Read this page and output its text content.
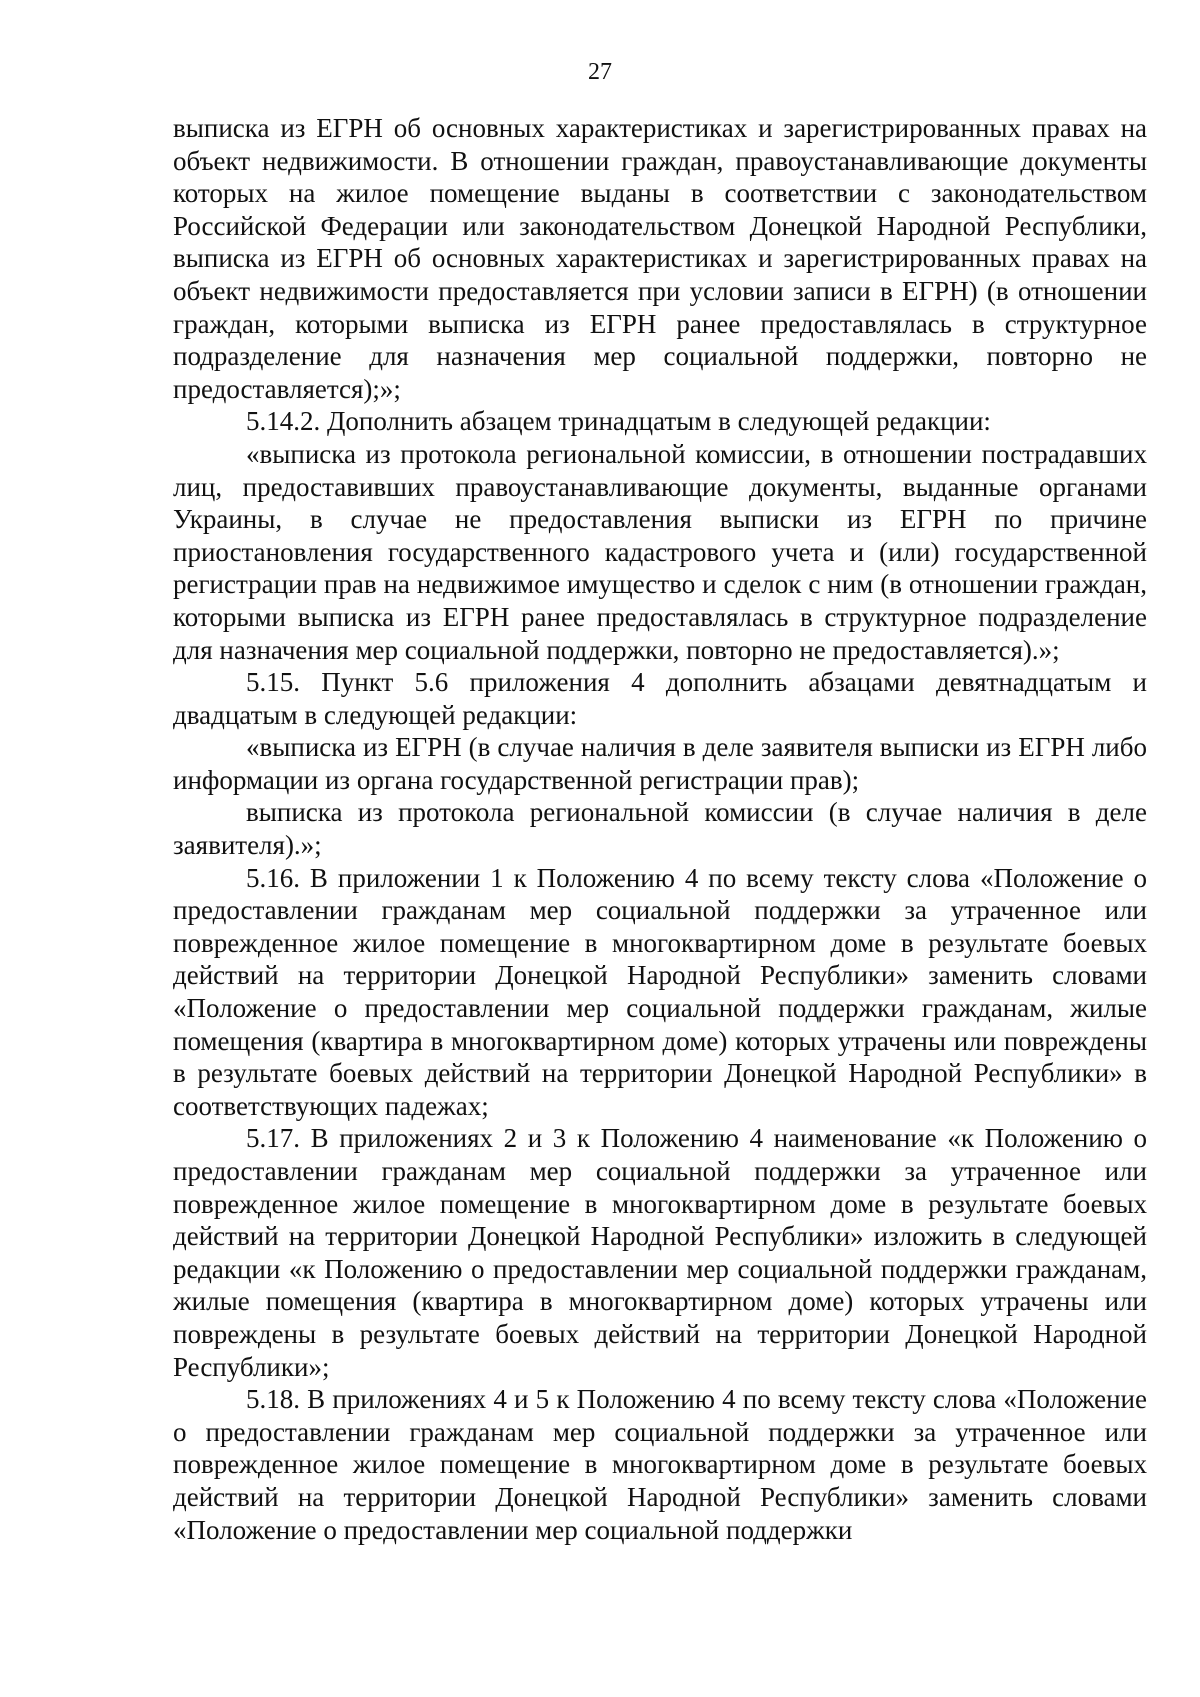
27

выписка из ЕГРН об основных характеристиках и зарегистрированных правах на объект недвижимости. В отношении граждан, правоустанавливающие документы которых на жилое помещение выданы в соответствии с законодательством Российской Федерации или законодательством Донецкой Народной Республики, выписка из ЕГРН об основных характеристиках и зарегистрированных правах на объект недвижимости предоставляется при условии записи в ЕГРН) (в отношении граждан, которыми выписка из ЕГРН ранее предоставлялась в структурное подразделение для назначения мер социальной поддержки, повторно не предоставляется);»;

5.14.2. Дополнить абзацем тринадцатым в следующей редакции:

«выписка из протокола региональной комиссии, в отношении пострадавших лиц, предоставивших правоустанавливающие документы, выданные органами Украины, в случае не предоставления выписки из ЕГРН по причине приостановления государственного кадастрового учета и (или) государственной регистрации прав на недвижимое имущество и сделок с ним (в отношении граждан, которыми выписка из ЕГРН ранее предоставлялась в структурное подразделение для назначения мер социальной поддержки, повторно не предоставляется).»;

5.15. Пункт 5.6 приложения 4 дополнить абзацами девятнадцатым и двадцатым в следующей редакции:

«выписка из ЕГРН (в случае наличия в деле заявителя выписки из ЕГРН либо информации из органа государственной регистрации прав);

выписка из протокола региональной комиссии (в случае наличия в деле заявителя).»;

5.16. В приложении 1 к Положению 4 по всему тексту слова «Положение о предоставлении гражданам мер социальной поддержки за утраченное или поврежденное жилое помещение в многоквартирном доме в результате боевых действий на территории Донецкой Народной Республики» заменить словами «Положение о предоставлении мер социальной поддержки гражданам, жилые помещения (квартира в многоквартирном доме) которых утрачены или повреждены в результате боевых действий на территории Донецкой Народной Республики» в соответствующих падежах;

5.17. В приложениях 2 и 3 к Положению 4 наименование «к Положению о предоставлении гражданам мер социальной поддержки за утраченное или поврежденное жилое помещение в многоквартирном доме в результате боевых действий на территории Донецкой Народной Республики» изложить в следующей редакции «к Положению о предоставлении мер социальной поддержки гражданам, жилые помещения (квартира в многоквартирном доме) которых утрачены или повреждены в результате боевых действий на территории Донецкой Народной Республики»;

5.18. В приложениях 4 и 5 к Положению 4 по всему тексту слова «Положение о предоставлении гражданам мер социальной поддержки за утраченное или поврежденное жилое помещение в многоквартирном доме в результате боевых действий на территории Донецкой Народной Республики» заменить словами «Положение о предоставлении мер социальной поддержки
